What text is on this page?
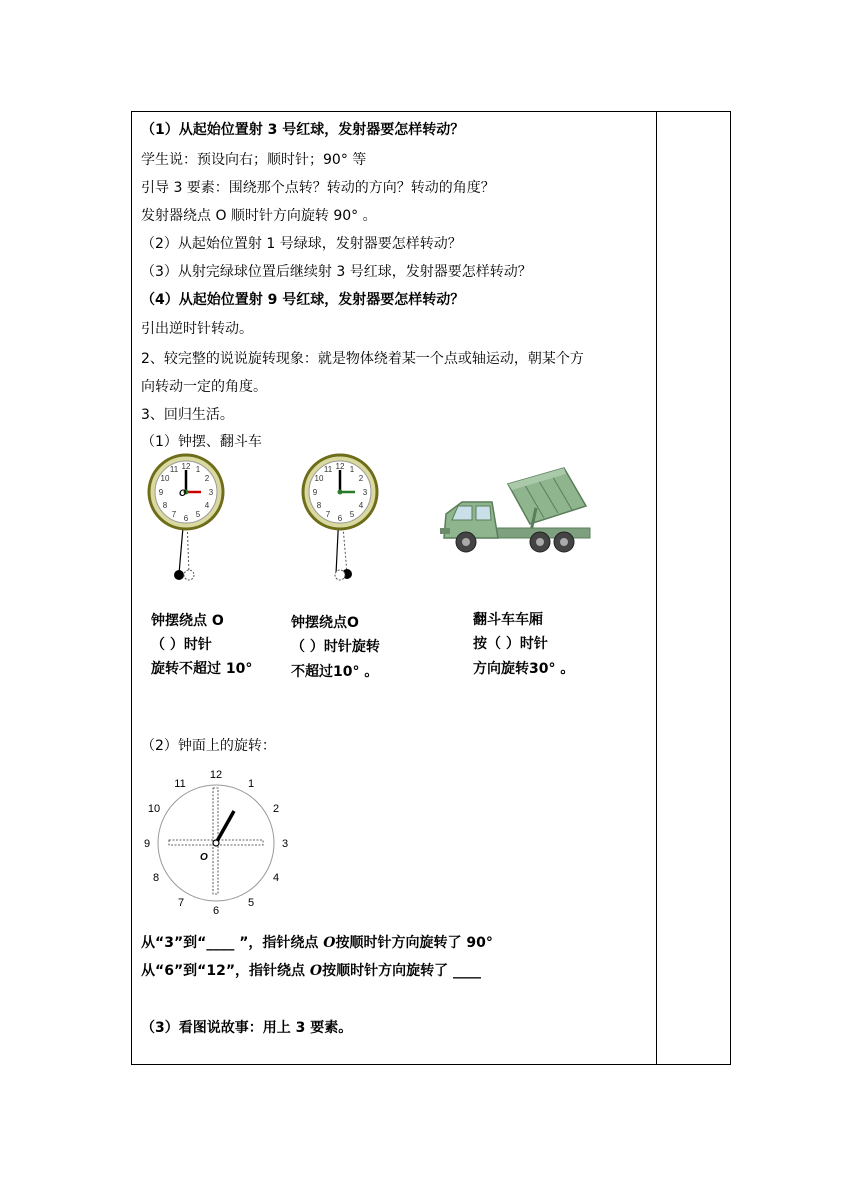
（1）从起始位置射 3 号红球，发射器要怎样转动？
学生说：预设向右；顺时针；90° 等
引导 3 要素：围绕那个点转？转动的方向？转动的角度？
发射器绕点 O 顺时针方向旋转 90° 。
（2）从起始位置射 1 号绿球，发射器要怎样转动？
（3）从射完绿球位置后继续射 3 号红球，发射器要怎样转动？
（4）从起始位置射 9 号红球，发射器要怎样转动？
引出逆时针转动。
2、较完整的说说旋转现象：就是物体绕着某一个点或轴运动，朝某个方
向转动一定的角度。
3、回归生活。
（1）钟摆、翻斗车
12 1
2
3
4
5
6
7
8
9
10
11
O
12 1
2
3
4
5
6
7
8
9
10
11
钟摆绕点 O
（ ）时针
旋转不超过 10°
钟摆绕点O
（ ）时针旋转
不超过10° 。
翻斗车车厢
按（ ）时针
方向旋转30° 。
（2）钟面上的旋转：
12
1
2
3
4
5
6
7
8
9
10
11
O
从“3”到“____ ”，指针绕点 O按顺时针方向旋转了 90°
从“6”到“12”，指针绕点 O按顺时针方向旋转了 ____
（3）看图说故事：用上 3 要素。
